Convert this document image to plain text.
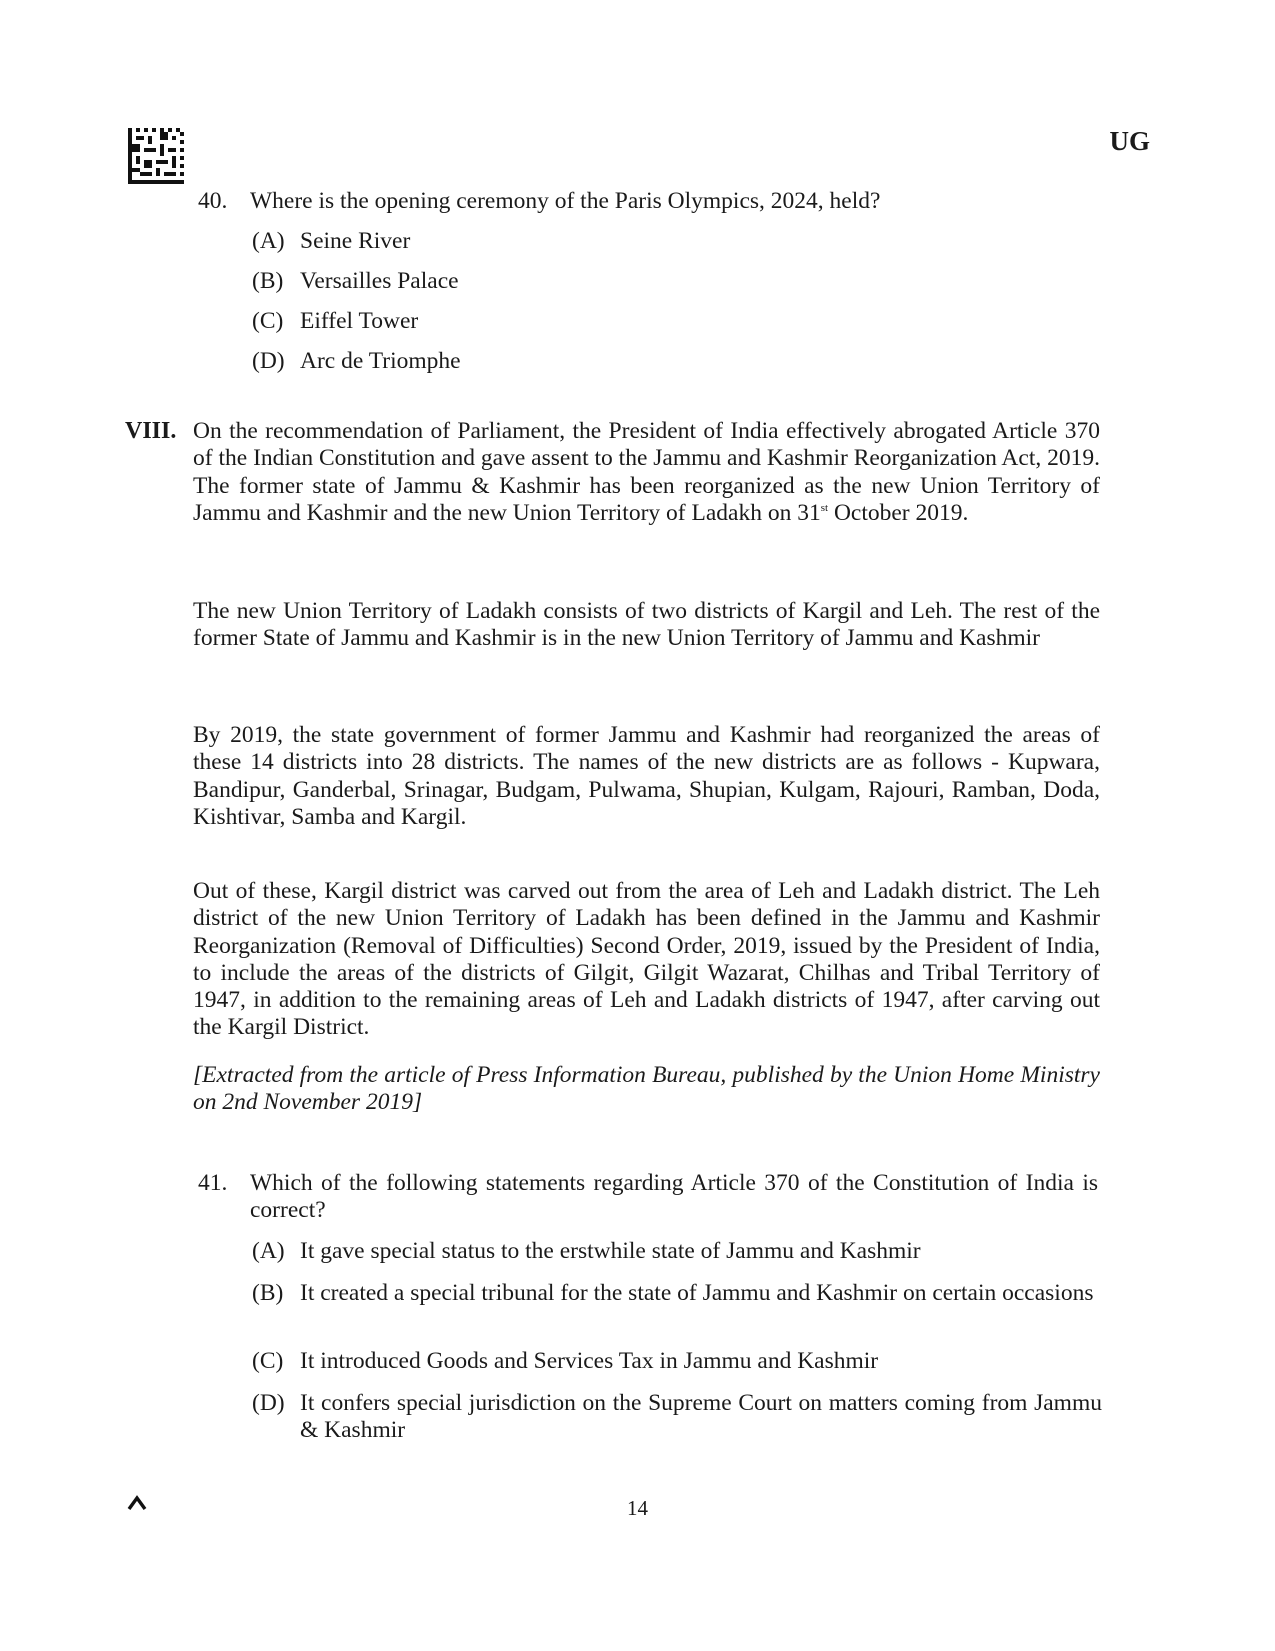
UG
40. Where is the opening ceremony of the Paris Olympics, 2024, held?
(A) Seine River
(B) Versailles Palace
(C) Eiffel Tower
(D) Arc de Triomphe
VIII. On the recommendation of Parliament, the President of India effectively abrogated Article 370 of the Indian Constitution and gave assent to the Jammu and Kashmir Reorganization Act, 2019. The former state of Jammu & Kashmir has been reorganized as the new Union Territory of Jammu and Kashmir and the new Union Territory of Ladakh on 31st October 2019.
The new Union Territory of Ladakh consists of two districts of Kargil and Leh. The rest of the former State of Jammu and Kashmir is in the new Union Territory of Jammu and Kashmir
By 2019, the state government of former Jammu and Kashmir had reorganized the areas of these 14 districts into 28 districts. The names of the new districts are as follows - Kupwara, Bandipur, Ganderbal, Srinagar, Budgam, Pulwama, Shupian, Kulgam, Rajouri, Ramban, Doda, Kishtivar, Samba and Kargil.
Out of these, Kargil district was carved out from the area of Leh and Ladakh district. The Leh district of the new Union Territory of Ladakh has been defined in the Jammu and Kashmir Reorganization (Removal of Difficulties) Second Order, 2019, issued by the President of India, to include the areas of the districts of Gilgit, Gilgit Wazarat, Chilhas and Tribal Territory of 1947, in addition to the remaining areas of Leh and Ladakh districts of 1947, after carving out the Kargil District.
[Extracted from the article of Press Information Bureau, published by the Union Home Ministry on 2nd November 2019]
41. Which of the following statements regarding Article 370 of the Constitution of India is correct?
(A) It gave special status to the erstwhile state of Jammu and Kashmir
(B) It created a special tribunal for the state of Jammu and Kashmir on certain occasions
(C) It introduced Goods and Services Tax in Jammu and Kashmir
(D) It confers special jurisdiction on the Supreme Court on matters coming from Jammu & Kashmir
14
